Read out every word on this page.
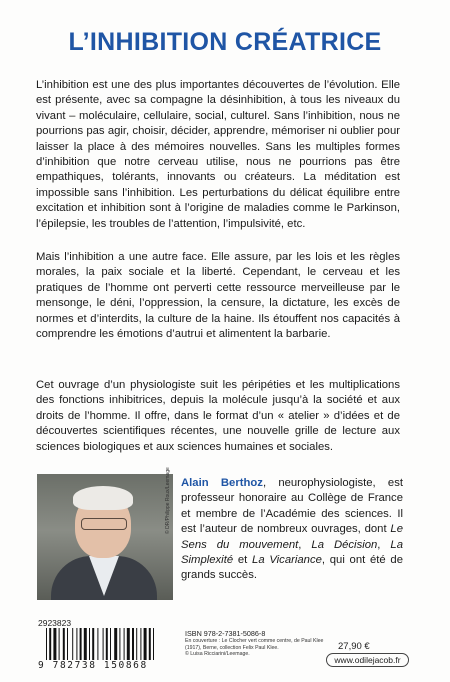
L’INHIBITION CRÉATRICE

L’inhibition est une des plus importantes découvertes de l’évolution. Elle est présente, avec sa compagne la désinhibition, à tous les niveaux du vivant – moléculaire, cellulaire, social, culturel. Sans l’inhibition, nous ne pourrions pas agir, choisir, décider, apprendre, mémoriser ni oublier pour laisser la place à des mémoires nouvelles. Sans les multiples formes d’inhibition que notre cerveau utilise, nous ne pourrions pas être empathiques, tolérants, innovants ou créateurs. La méditation est impossible sans l’inhibition. Les perturbations du délicat équilibre entre excitation et inhibition sont à l’origine de maladies comme le Parkinson, l’épilepsie, les troubles de l’attention, l’impulsivité, etc.

Mais l’inhibition a une autre face. Elle assure, par les lois et les règles morales, la paix sociale et la liberté. Cependant, le cerveau et les pratiques de l’homme ont perverti cette ressource merveilleuse par le mensonge, le déni, l’oppression, la censure, la dictature, les excès de normes et d’interdits, la culture de la haine. Ils étouffent nos capacités à comprendre les émotions d’autrui et alimentent la barbarie.

Cet ouvrage d’un physiologiste suit les péripéties et les multiplications des fonctions inhibitrices, depuis la molécule jusqu’à la société et aux droits de l’homme. Il offre, dans le format d’un « atelier » d’idées et de découvertes scientifiques récentes, une nouvelle grille de lecture aux sciences biologiques et aux sciences humaines et sociales.

© DR/Philippe Roux/Leemage Alain Berthoz, neurophysiologiste, est professeur honoraire au Collège de France et membre de l’Académie des sciences. Il est l’auteur de nombreux ouvrages, dont Le Sens du mouvement, La Décision, La Simplexité et La Vicariance, qui ont été de grands succès.

2923823
9 782738 150868
ISBN 978-2-7381-5086-8
En couverture : Le Clocher vert comme centre, de Paul Klee
(1917), Berne, collection Felix Paul Klee.
© Luisa Ricciarini/Leemage.
27,90 €
www.odilejacob.fr
